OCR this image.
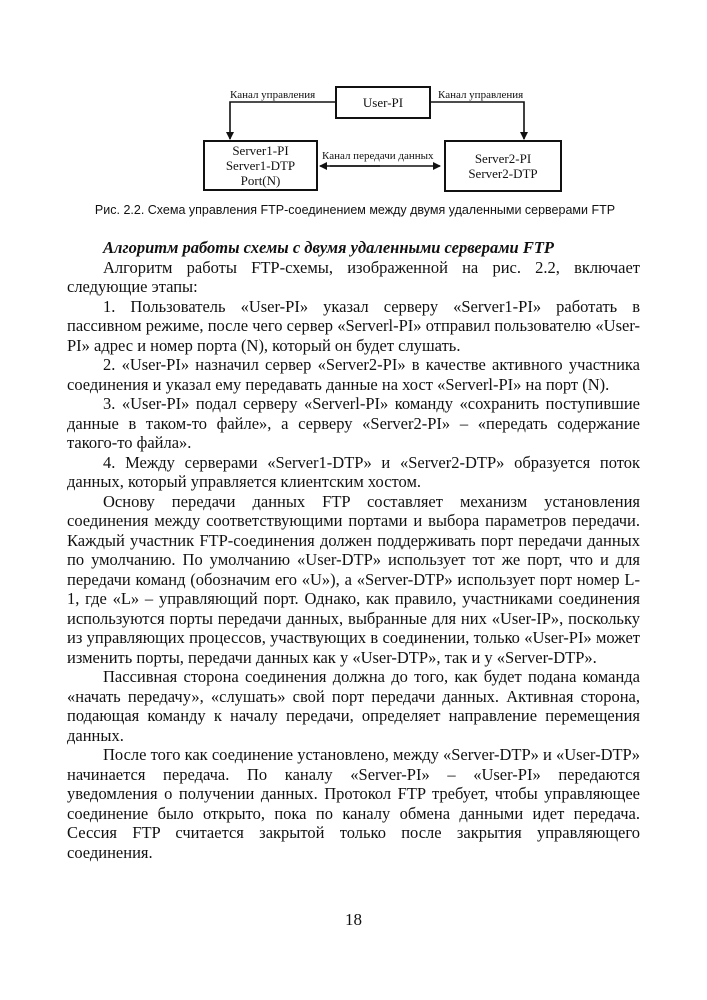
User-PI
Server1-PI
Server1-DTP
Port(N)
Server2-PI
Server2-DTP
Канал управления	Канал управления
Канал передачи данных
Рис. 2.2. Схема управления FTP-соединением между двумя удаленными серверами FTP

Алгоритм работы схемы с двумя удаленными серверами FTP

Алгоритм работы FTP-схемы, изображенной на рис. 2.2, включает следующие этапы:

1. Пользователь «User-PI» указал серверу «Server1-PI» работать в пассивном режиме, после чего сервер «Serverl-PI» отправил пользователю «User-PI» адрес и номер порта (N), который он будет слушать.

2. «User-PI» назначил сервер «Server2-PI» в качестве активного участника соединения и указал ему передавать данные на хост «Serverl-PI» на порт (N).

3. «User-PI» подал серверу «Serverl-PI» команду «сохранить поступившие данные в таком-то файле», а серверу «Server2-PI» – «передать содержание такого-то файла».

4. Между серверами «Server1-DTP» и «Server2-DTP» образуется поток данных, который управляется клиентским хостом.

Основу передачи данных FTP составляет механизм установления соединения между соответствующими портами и выбора параметров передачи. Каждый участник FTP-соединения должен поддерживать порт передачи данных по умолчанию. По умолчанию «User-DTP» использует тот же порт, что и для передачи команд (обозначим его «U»), а «Server-DTP» использует порт номер L-1, где «L» – управляющий порт. Однако, как правило, участниками соединения используются порты передачи данных, выбранные для них «User-IP», поскольку из управляющих процессов, участвующих в соединении, только «User-PI» может изменить порты, передачи данных как у «User-DTP», так и у «Server-DTP».

Пассивная сторона соединения должна до того, как будет подана команда «начать передачу», «слушать» свой порт передачи данных. Активная сторона, подающая команду к началу передачи, определяет направление перемещения данных.

После того как соединение установлено, между «Server-DTP» и «User-DTP» начинается передача. По каналу «Server-PI» – «User-PI» передаются уведомления о получении данных. Протокол FTP требует, чтобы управляющее соединение было открыто, пока по каналу обмена данными идет передача. Сессия FTP считается закрытой только после закрытия управляющего соединения.

18
